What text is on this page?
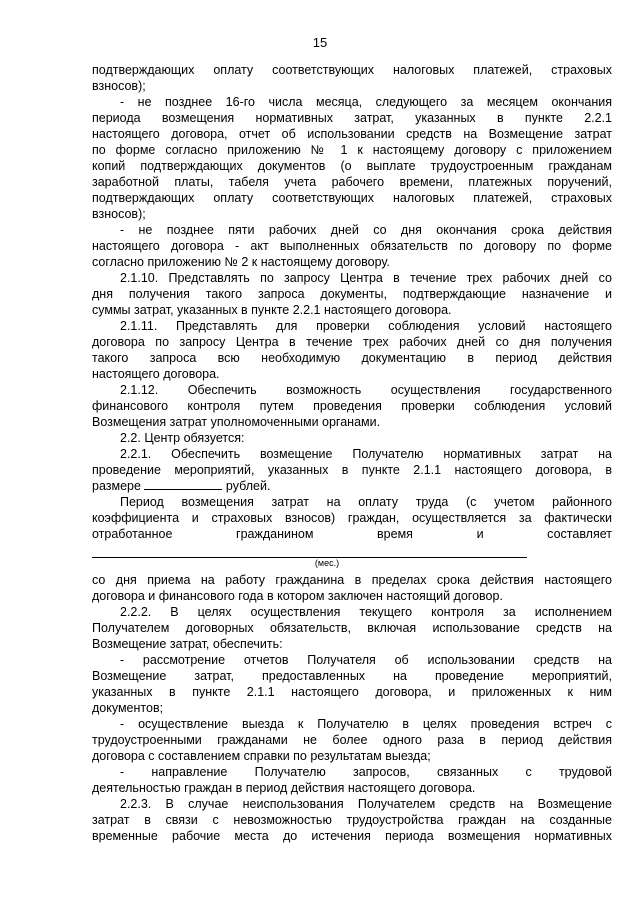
15
подтверждающих оплату соответствующих налоговых платежей, страховых
взносов);
- не позднее 16-го числа месяца, следующего за месяцем окончания
периода возмещения нормативных затрат, указанных в пункте 2.2.1
настоящего договора, отчет об использовании средств на Возмещение затрат
по форме согласно приложению № 1 к настоящему договору с приложением
копий подтверждающих документов (о выплате трудоустроенным гражданам
заработной платы, табеля учета рабочего времени, платежных поручений,
подтверждающих оплату соответствующих налоговых платежей, страховых
взносов);
- не позднее пяти рабочих дней со дня окончания срока действия
настоящего договора - акт выполненных обязательств по договору по форме
согласно приложению № 2 к настоящему договору.
2.1.10. Представлять по запросу Центра в течение трех рабочих дней со
дня получения такого запроса документы, подтверждающие назначение и
суммы затрат, указанных в пункте 2.2.1 настоящего договора.
2.1.11. Представлять для проверки соблюдения условий настоящего
договора по запросу Центра в течение трех рабочих дней со дня получения
такого запроса всю необходимую документацию в период действия
настоящего договора.
2.1.12. Обеспечить возможность осуществления государственного
финансового контроля путем проведения проверки соблюдения условий
Возмещения затрат уполномоченными органами.
2.2. Центр обязуется:
2.2.1. Обеспечить возмещение Получателю нормативных затрат на
проведение мероприятий, указанных в пункте 2.1.1 настоящего договора, в
размере	рублей.
Период возмещения затрат на оплату труда (с учетом районного
коэффициента и страховых взносов) граждан, осуществляется за фактически
отработанное гражданином время и составляет
(мес.)
со дня приема на работу гражданина в пределах срока действия настоящего
договора и финансового года в котором заключен настоящий договор.
2.2.2. В целях осуществления текущего контроля за исполнением
Получателем договорных обязательств, включая использование средств на
Возмещение затрат, обеспечить:
- рассмотрение отчетов Получателя об использовании средств на
Возмещение затрат, предоставленных на проведение мероприятий,
указанных в пункте 2.1.1 настоящего договора, и приложенных к ним
документов;
- осуществление выезда к Получателю в целях проведения встреч с
трудоустроенными гражданами не более одного раза в период действия
договора с составлением справки по результатам выезда;
- направление Получателю запросов, связанных с трудовой
деятельностью граждан в период действия настоящего договора.
2.2.3. В случае неиспользования Получателем средств на Возмещение
затрат в связи с невозможностью трудоустройства граждан на созданные
временные рабочие места до истечения периода возмещения нормативных
